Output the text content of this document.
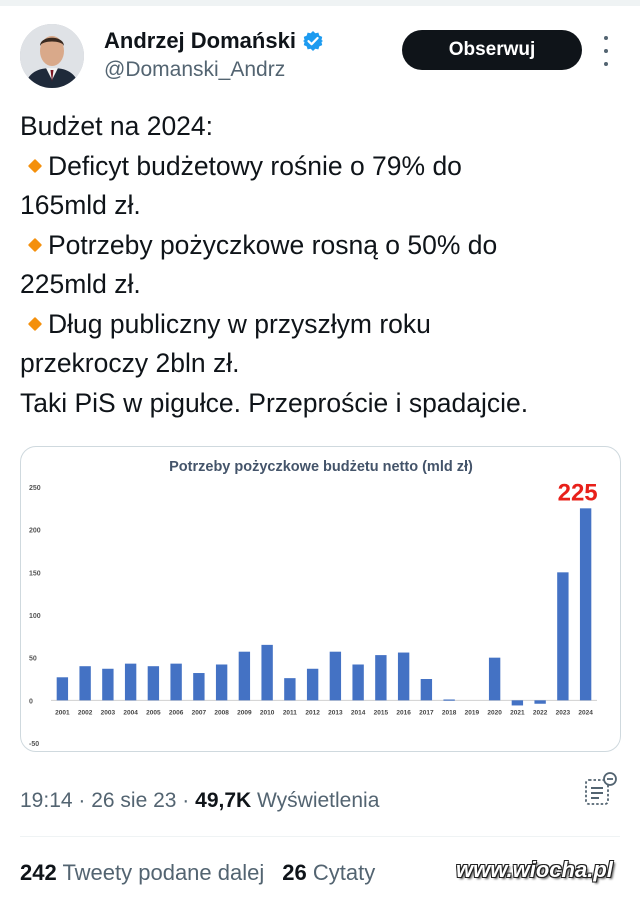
Andrzej Domański
@Domanski_Andrz
Obserwuj
Budżet na 2024:
Deficyt budżetowy rośnie o 79% do
165mld zł.
Potrzeby pożyczkowe rosną o 50% do
225mld zł.
Dług publiczny w przyszłym roku
przekroczy 2bln zł.
Taki PiS w pigułce. Przeproście i spadajcie.
Potrzeby pożyczkowe budżetu netto (mld zł)
2001 2002 2003 2004 2005 2006 2007 2008 2009 2010 2011 2012 2013 2014 2015 2016 2017 2018 2019 2020 2021 2022 2023 2024
-50
0
50
100
150
200
250	225
19:14 · 26 sie 23 · 49,7K Wyświetlenia
242 Tweety podane dalej 26 Cytaty	www.wiocha.pl
